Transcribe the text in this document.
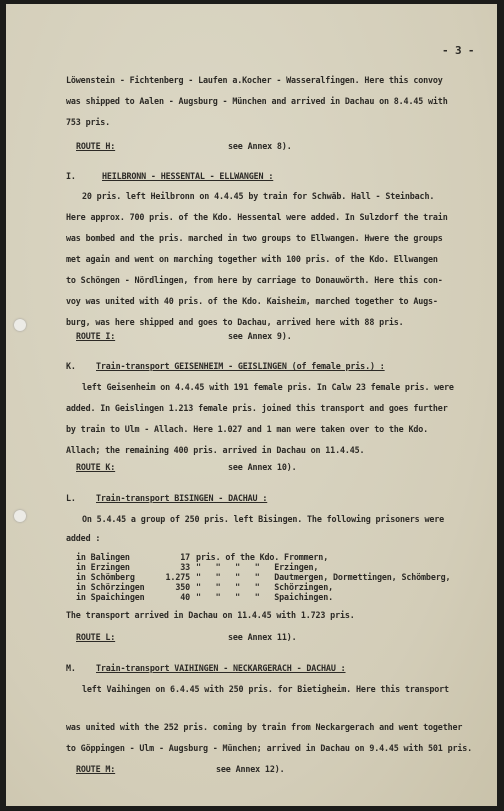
- 3 -
Löwenstein - Fichtenberg - Laufen a.Kocher - Wasseralfingen. Here this convoy
was shipped to Aalen - Augsburg - München and arrived in Dachau on 8.4.45 with
753 pris.
ROUTE H:	see Annex 8).
I.	HEILBRONN - HESSENTAL - ELLWANGEN :
20 pris. left Heilbronn on 4.4.45 by train for Schwäb. Hall - Steinbach.
Here approx. 700 pris. of the Kdo. Hessental were added. In Sulzdorf the train
was bombed and the pris. marched in two groups to Ellwangen. Hwere the groups
met again and went on marching together with 100 pris. of the Kdo. Ellwangen
to Schöngen - Nördlingen, from here by carriage to Donauwörth. Here this con-
voy was united with 40 pris. of the Kdo. Kaisheim, marched together to Augs-
burg, was here shipped and goes to Dachau, arrived here with 88 pris.
ROUTE I:	see Annex 9).
K. Train-transport GEISENHEIM - GEISLINGEN (of female pris.) :
left Geisenheim on 4.4.45 with 191 female pris. In Calw 23 female pris. were
added. In Geislingen 1.213 female pris. joined this transport and goes further
by train to Ulm - Allach. Here 1.027 and 1 man were taken over to the Kdo.
Allach; the remaining 400 pris. arrived in Dachau on 11.4.45.
ROUTE K:	see Annex 10).
L. Train-transport BISINGEN - DACHAU :
On 5.4.45 a group of 250 pris. left Bisingen. The following prisoners were
added :
in Balingen	17 pris. of the Kdo. Frommern,
in Erzingen	33 "   "   "   "   Erzingen,
in Schömberg	1.275 "   "   "   "   Dautmergen, Dormettingen, Schömberg,
in Schörzingen	350 "   "   "   "   Schörzingen,
in Spaichingen	40 "   "   "   "   Spaichingen.
The transport arrived in Dachau on 11.4.45 with 1.723 pris.
ROUTE L:	see Annex 11).
M. Train-transport VAIHINGEN - NECKARGERACH - DACHAU :
left Vaihingen on 6.4.45 with 250 pris. for Bietigheim. Here this transport
was united with the 252 pris. coming by train from Neckargerach and went together
to Göppingen - Ulm - Augsburg - München; arrived in Dachau on 9.4.45 with 501 pris.
ROUTE M:	see Annex 12).
